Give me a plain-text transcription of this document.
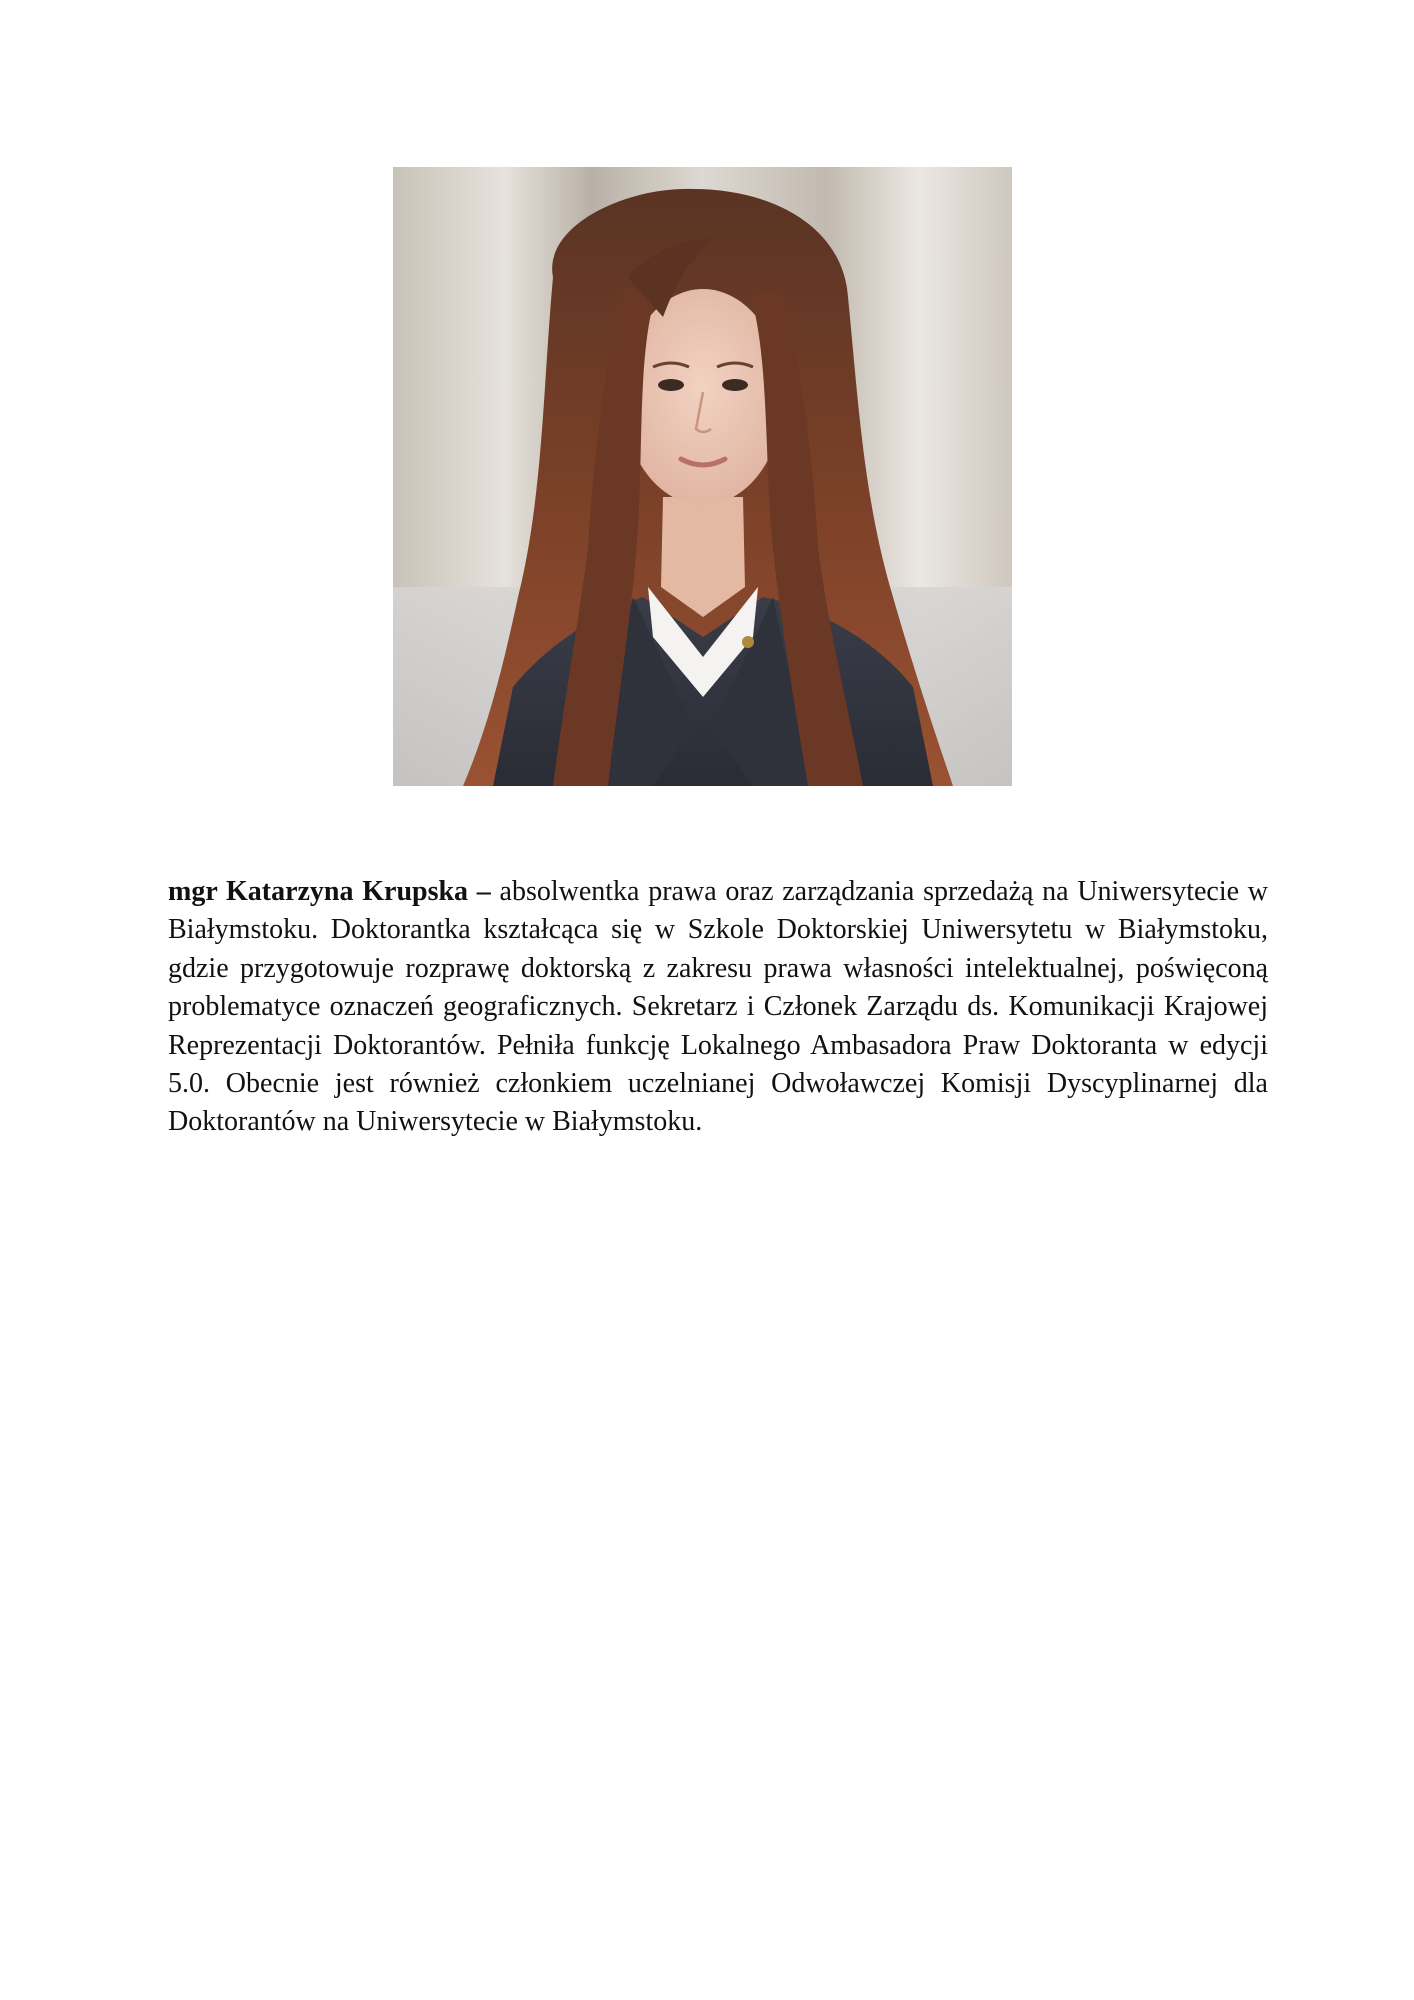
mgr Katarzyna Krupska – absolwentka prawa oraz zarządzania sprzedażą na Uniwersytecie w Białymstoku. Doktorantka kształcąca się w Szkole Doktorskiej Uniwersytetu w Białymstoku, gdzie przygotowuje rozprawę doktorską z zakresu prawa własności intelektualnej, poświęconą problematyce oznaczeń geograficznych. Sekretarz i Członek Zarządu ds. Komunikacji Krajowej Reprezentacji Doktorantów. Pełniła funkcję Lokalnego Ambasadora Praw Doktoranta w edycji 5.0. Obecnie jest również członkiem uczelnianej Odwoławczej Komisji Dyscyplinarnej dla Doktorantów na Uniwersytecie w Białymstoku.
